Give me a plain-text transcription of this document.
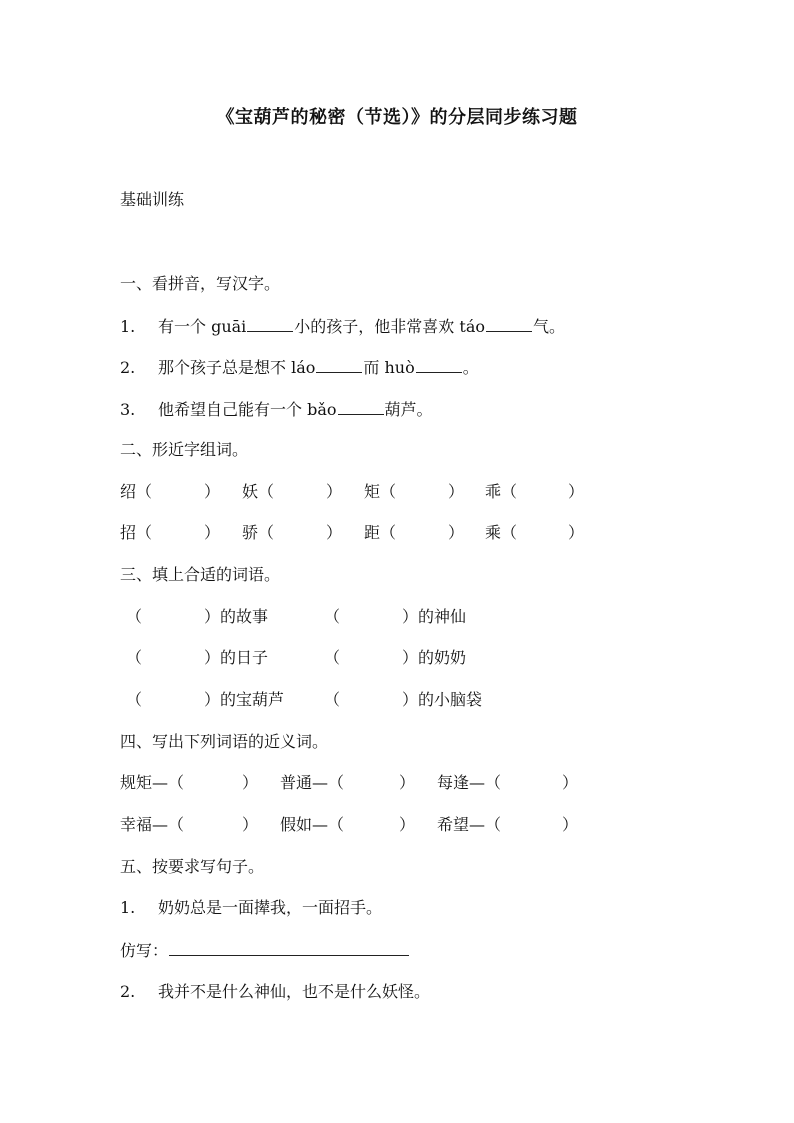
《宝葫芦的秘密（节选）》的分层同步练习题
基础训练
一、看拼音，写汉字。
1. 有一个 guāi	小的孩子，他非常喜欢 táo	气。
2. 那个孩子总是想不 láo	而 huò	。
3. 他希望自己能有一个 bǎo	葫芦。
二、形近字组词。
绍（	） 妖（	） 矩（	） 乖（	）
招（	） 骄（	） 距（	） 乘（	）
三、填上合适的词语。
（	）的故事	（	）的神仙
（	）的日子	（	）的奶奶
（	）的宝葫芦 （	）的小脑袋
四、写出下列词语的近义词。
规矩—（	） 普通—（	） 每逢—（	）
幸福—（	） 假如—（	） 希望—（	）
五、按要求写句子。
1. 奶奶总是一面撵我，一面招手。
仿写：
2. 我并不是什么神仙，也不是什么妖怪。
